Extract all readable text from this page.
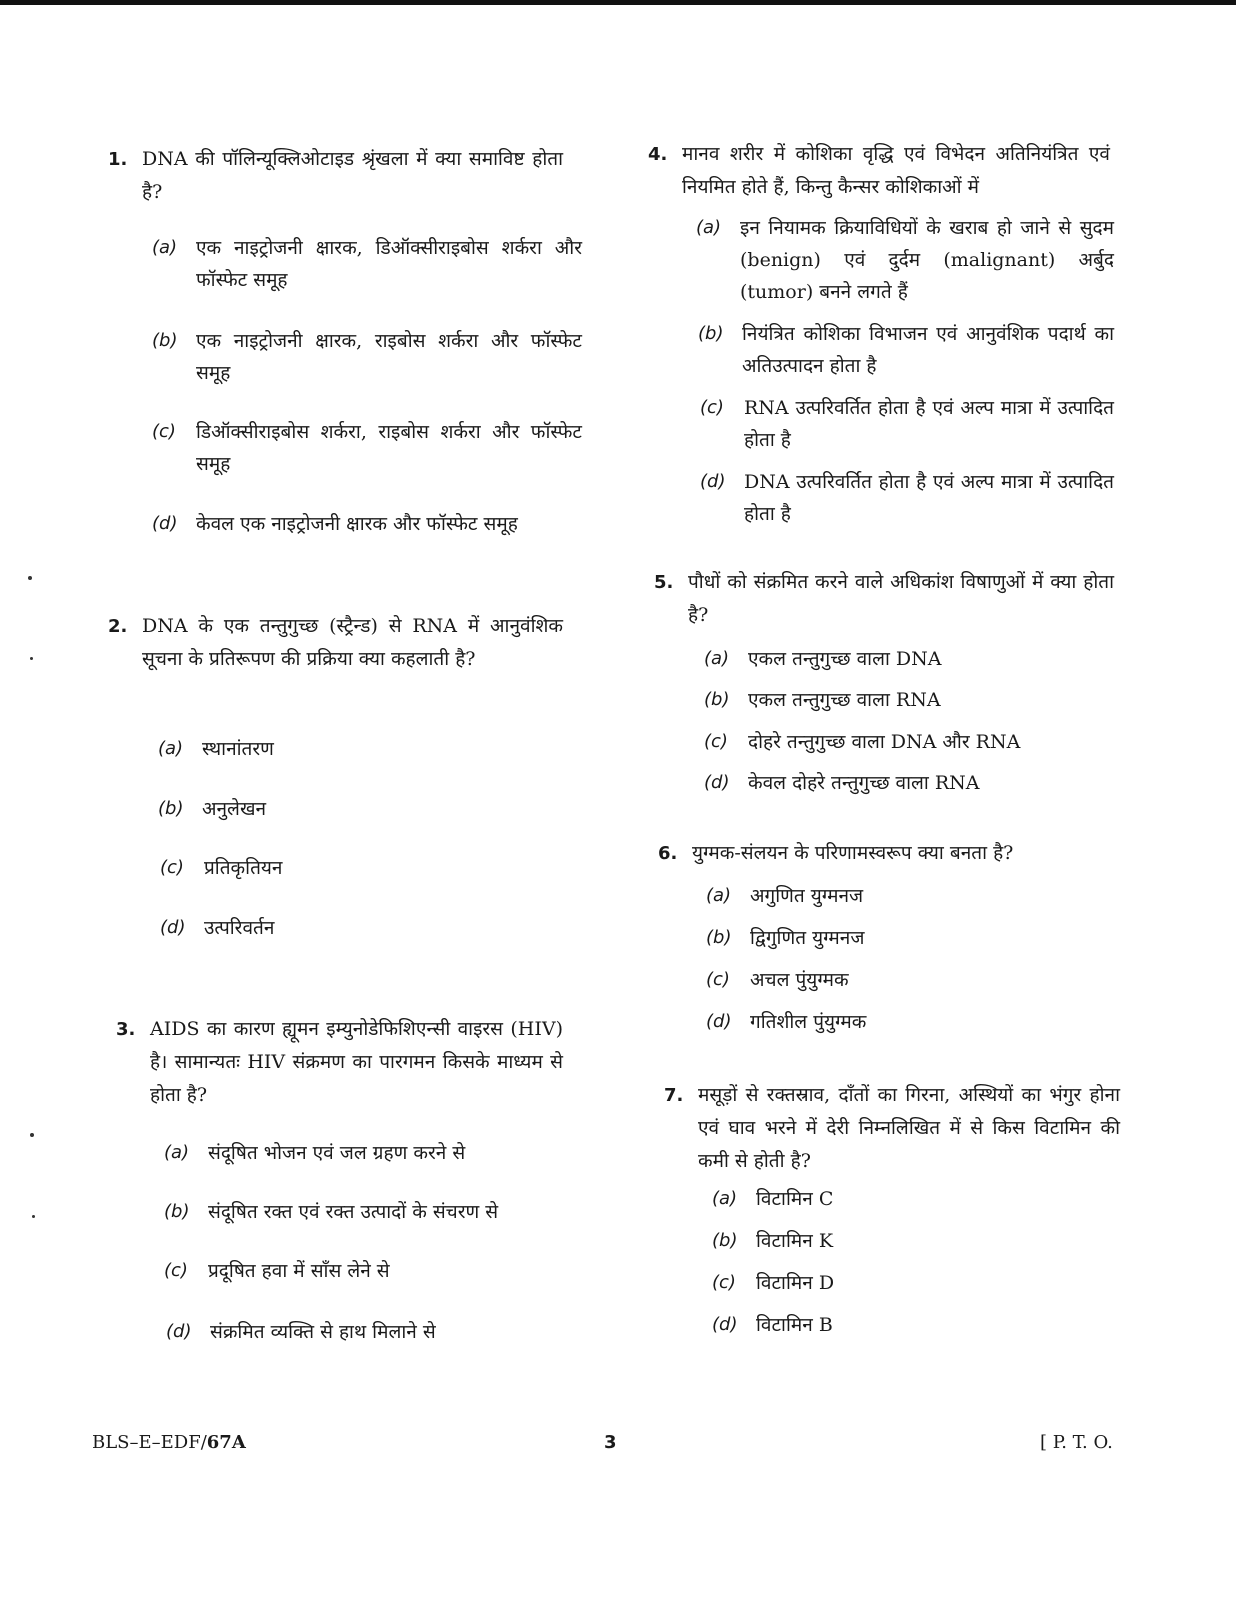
1. DNA की पॉलिन्यूक्लिओटाइड श्रृंखला में क्या समाविष्ट होता है?
(a) एक नाइट्रोजनी क्षारक, डिऑक्सीराइबोस शर्करा और फॉस्फेट समूह
(b) एक नाइट्रोजनी क्षारक, राइबोस शर्करा और फॉस्फेट समूह
(c)	डिऑक्सीराइबोस शर्करा, राइबोस शर्करा और फॉस्फेट समूह
(d) केवल एक नाइट्रोजनी क्षारक और फॉस्फेट समूह
2. DNA के एक तन्तुगुच्छ (स्ट्रैन्ड) से RNA में आनुवंशिक सूचना के प्रतिरूपण की प्रक्रिया क्या कहलाती है?
(a) स्थानांतरण
(b) अनुलेखन
(c)	प्रतिकृतियन
(d) उत्परिवर्तन
3. AIDS का कारण ह्यूमन इम्युनोडेफिशिएन्सी वाइरस (HIV) है। सामान्यतः HIV संक्रमण का पारगमन किसके माध्यम से होता है?
(a) संदूषित भोजन एवं जल ग्रहण करने से
(b) संदूषित रक्त एवं रक्त उत्पादों के संचरण से
(c)	प्रदूषित हवा में साँस लेने से
(d) संक्रमित व्यक्ति से हाथ मिलाने से
4. मानव शरीर में कोशिका वृद्धि एवं विभेदन अतिनियंत्रित एवं नियमित होते हैं, किन्तु कैन्सर कोशिकाओं में
(a) इन नियामक क्रियाविधियों के खराब हो जाने से सुदम (benign) एवं दुर्दम (malignant) अर्बुद (tumor) बनने लगते हैं
(b) नियंत्रित कोशिका विभाजन एवं आनुवंशिक पदार्थ का अतिउत्पादन होता है
(c)	RNA उत्परिवर्तित होता है एवं अल्प मात्रा में उत्पादित होता है
(d) DNA उत्परिवर्तित होता है एवं अल्प मात्रा में उत्पादित होता है
5. पौधों को संक्रमित करने वाले अधिकांश विषाणुओं में क्या होता है?
(a) एकल तन्तुगुच्छ वाला DNA
(b) एकल तन्तुगुच्छ वाला RNA
(c)	दोहरे तन्तुगुच्छ वाला DNA और RNA
(d) केवल दोहरे तन्तुगुच्छ वाला RNA
6. युग्मक-संलयन के परिणामस्वरूप क्या बनता है?
(a) अगुणित युग्मनज
(b) द्विगुणित युग्मनज
(c)	अचल पुंयुग्मक
(d) गतिशील पुंयुग्मक
7. मसूड़ों से रक्तस्राव, दाँतों का गिरना, अस्थियों का भंगुर होना एवं घाव भरने में देरी निम्नलिखित में से किस विटामिन की कमी से होती है?
(a) विटामिन C
(b) विटामिन K
(c)	विटामिन D
(d) विटामिन B
BLS–E–EDF/67A	3	[ P. T. O.
